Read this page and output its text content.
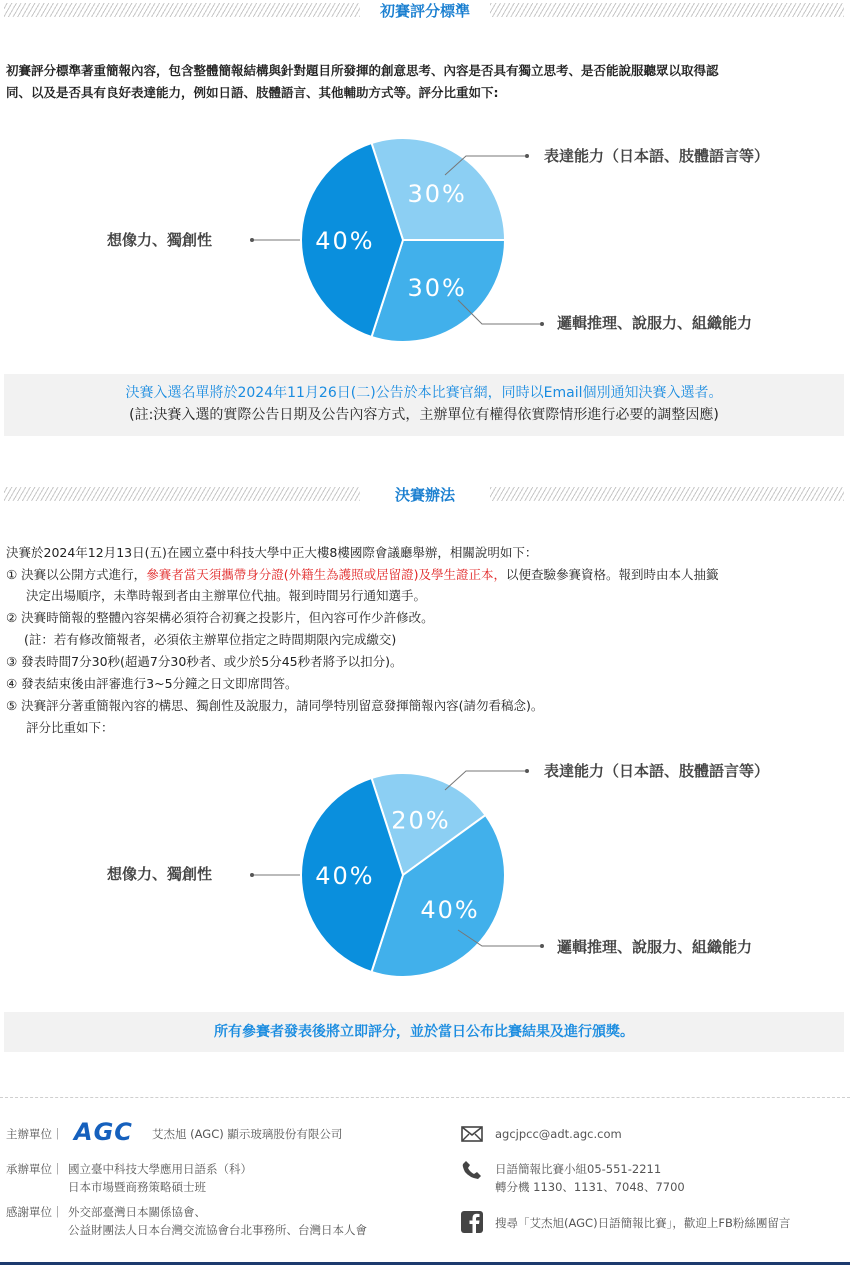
初賽評分標準
初賽評分標準著重簡報內容，包含整體簡報結構與針對題目所發揮的創意思考、內容是否具有獨立思考、是否能說服聽眾以取得認
同、以及是否具有良好表達能力，例如日語、肢體語言、其他輔助方式等。評分比重如下:
30%
30%
40%
表達能力（日本語、肢體語言等）
邏輯推理、說服力、組織能力
想像力、獨創性
決賽入選名單將於2024年11月26日(二)公告於本比賽官網，同時以Email個別通知決賽入選者。
(註:決賽入選的實際公告日期及公告內容方式，主辦單位有權得依實際情形進行必要的調整因應)
決賽辦法
決賽於2024年12月13日(五)在國立臺中科技大學中正大樓8樓國際會議廳舉辦，相關說明如下：
① 決賽以公開方式進行，參賽者當天須攜帶身分證(外籍生為護照或居留證)及學生證正本，以便查驗參賽資格。報到時由本人抽籤
決定出場順序，未準時報到者由主辦單位代抽。報到時間另行通知選手。
② 決賽時簡報的整體內容架構必須符合初賽之投影片，但內容可作少許修改。
(註：若有修改簡報者，必須依主辦單位指定之時間期限內完成繳交)
③ 發表時間7分30秒(超過7分30秒者、或少於5分45秒者將予以扣分)。
④ 發表結束後由評審進行3~5分鐘之日文即席問答。
⑤ 決賽評分著重簡報內容的構思、獨創性及說服力，請同學特別留意發揮簡報內容(請勿看稿念)。
評分比重如下：
20%
40%
40%
表達能力（日本語、肢體語言等）
邏輯推理、說服力、組織能力
想像力、獨創性
所有參賽者發表後將立即評分，並於當日公布比賽結果及進行頒獎。
主辦單位｜ AGC 艾杰旭 (AGC) 顯示玻璃股份有限公司
承辦單位｜ 國立臺中科技大學應用日語系（科）
日本市場暨商務策略碩士班
感謝單位｜ 外交部臺灣日本關係協會、
公益財團法人日本台灣交流協會台北事務所、台灣日本人會
agcjpcc@adt.agc.com
日語簡報比賽小組05-551-2211
轉分機 1130、1131、7048、7700
搜尋「艾杰旭(AGC)日語簡報比賽」，歡迎上FB粉絲團留言
